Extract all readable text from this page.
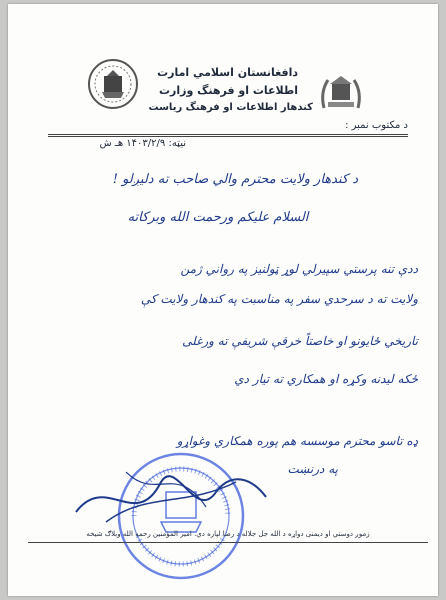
دافغانستان اسلامي امارت
اطلاعات او فرهنگ وزارت
کندهار اطلاعات او فرهنگ ریاست
د مکتوب نمبر :
نیټه: ۱۴۰۳/۲/۹ هـ ش
د کندهار ولایت محترم والي صاحب ته دلیږلو !
السلام علیکم ورحمت الله وبرکاته
ددې تنه پرستي سپيرلي لوړ ټولنيز په رواني ژمن
ولايت ته د سرحدي سفر په مناسبت په کندهار ولايت کې
تاريخي ځايونو او خاصتاً خرقې شريفې ته ورغلی
ځکه لیدنه وکړه او همکاري ته تيار دي
ډه تاسو محترم موسسه هم پوره همکاري وغواړو
په درنښت
زموږ دوستي او ديمنی دواړه د الله جل جلاله د رضا لپاره دي. امیر المؤمنين رحمه الله وبلاګ شیخه
